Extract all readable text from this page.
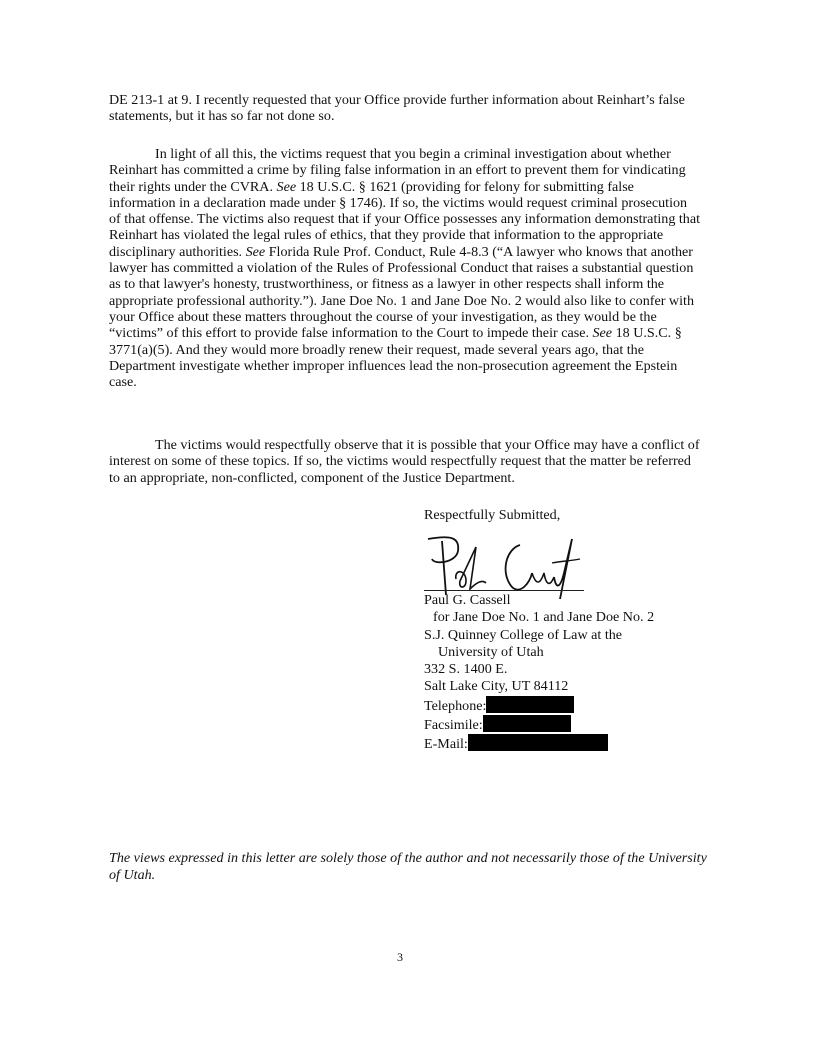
DE 213-1 at 9. I recently requested that your Office provide further information about Reinhart’s false statements, but it has so far not done so.

In light of all this, the victims request that you begin a criminal investigation about whether Reinhart has committed a crime by filing false information in an effort to prevent them for vindicating their rights under the CVRA. See 18 U.S.C. § 1621 (providing for felony for submitting false information in a declaration made under § 1746). If so, the victims would request criminal prosecution of that offense. The victims also request that if your Office possesses any information demonstrating that Reinhart has violated the legal rules of ethics, that they provide that information to the appropriate disciplinary authorities. See Florida Rule Prof. Conduct, Rule 4-8.3 (“A lawyer who knows that another lawyer has committed a violation of the Rules of Professional Conduct that raises a substantial question as to that lawyer's honesty, trustworthiness, or fitness as a lawyer in other respects shall inform the appropriate professional authority.”). Jane Doe No. 1 and Jane Doe No. 2 would also like to confer with your Office about these matters throughout the course of your investigation, as they would be the “victims” of this effort to provide false information to the Court to impede their case. See 18 U.S.C. § 3771(a)(5). And they would more broadly renew their request, made several years ago, that the Department investigate whether improper influences lead the non-prosecution agreement the Epstein case.

The victims would respectfully observe that it is possible that your Office may have a conflict of interest on some of these topics. If so, the victims would respectfully request that the matter be referred to an appropriate, non-conflicted, component of the Justice Department.

Respectfully Submitted,
Paul G. Cassell
for Jane Doe No. 1 and Jane Doe No. 2
S.J. Quinney College of Law at the
University of Utah
332 S. 1400 E.
Salt Lake City, UT 84112
Telephone:
Facsimile:
E-Mail:

The views expressed in this letter are solely those of the author and not necessarily those of the University of Utah.

3
